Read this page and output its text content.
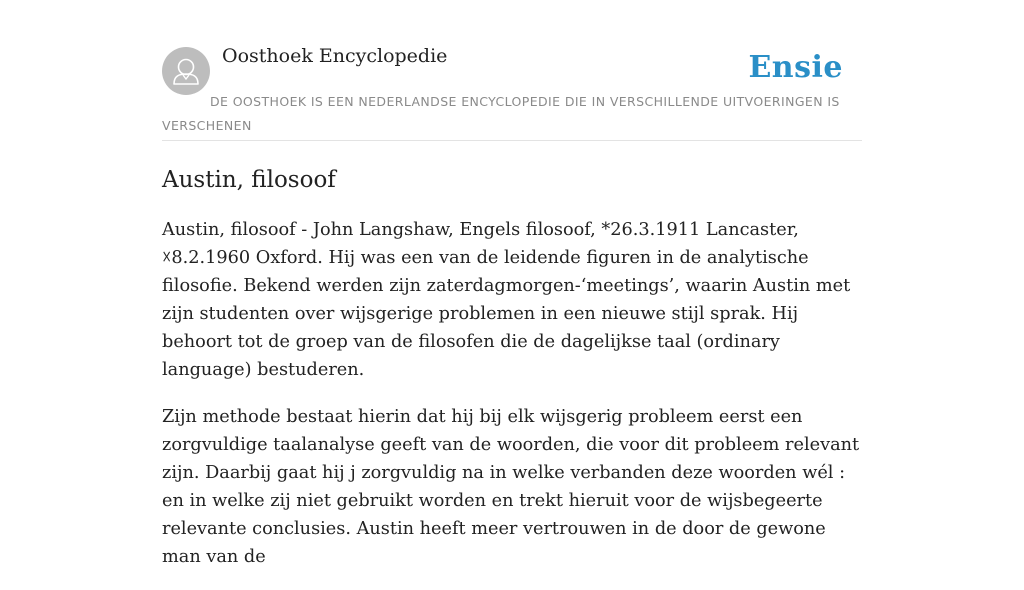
Oosthoek Encyclopedie	Ensie
DE OOSTHOEK IS EEN NEDERLANDSE ENCYCLOPEDIE DIE IN VERSCHILLENDE UITVOERINGEN IS VERSCHENEN
Austin, filosoof

Austin, filosoof - John Langshaw, Engels filosoof, *26.3.1911 Lancaster, ☓8.2.1960 Oxford. Hij was een van de leidende figuren in de analytische filosofie. Bekend werden zijn zaterdagmorgen-‘meetings’, waarin Austin met zijn studenten over wijsgerige problemen in een nieuwe stijl sprak. Hij behoort tot de groep van de filosofen die de dagelijkse taal (ordinary language) bestuderen.

Zijn methode bestaat hierin dat hij bij elk wijsgerig probleem eerst een zorgvuldige taalanalyse geeft van de woorden, die voor dit probleem relevant zijn. Daarbij gaat hij j zorgvuldig na in welke verbanden deze woorden wél : en in welke zij niet gebruikt worden en trekt hieruit voor de wijsbegeerte relevante conclusies. Austin heeft meer vertrouwen in de door de gewone man van de
